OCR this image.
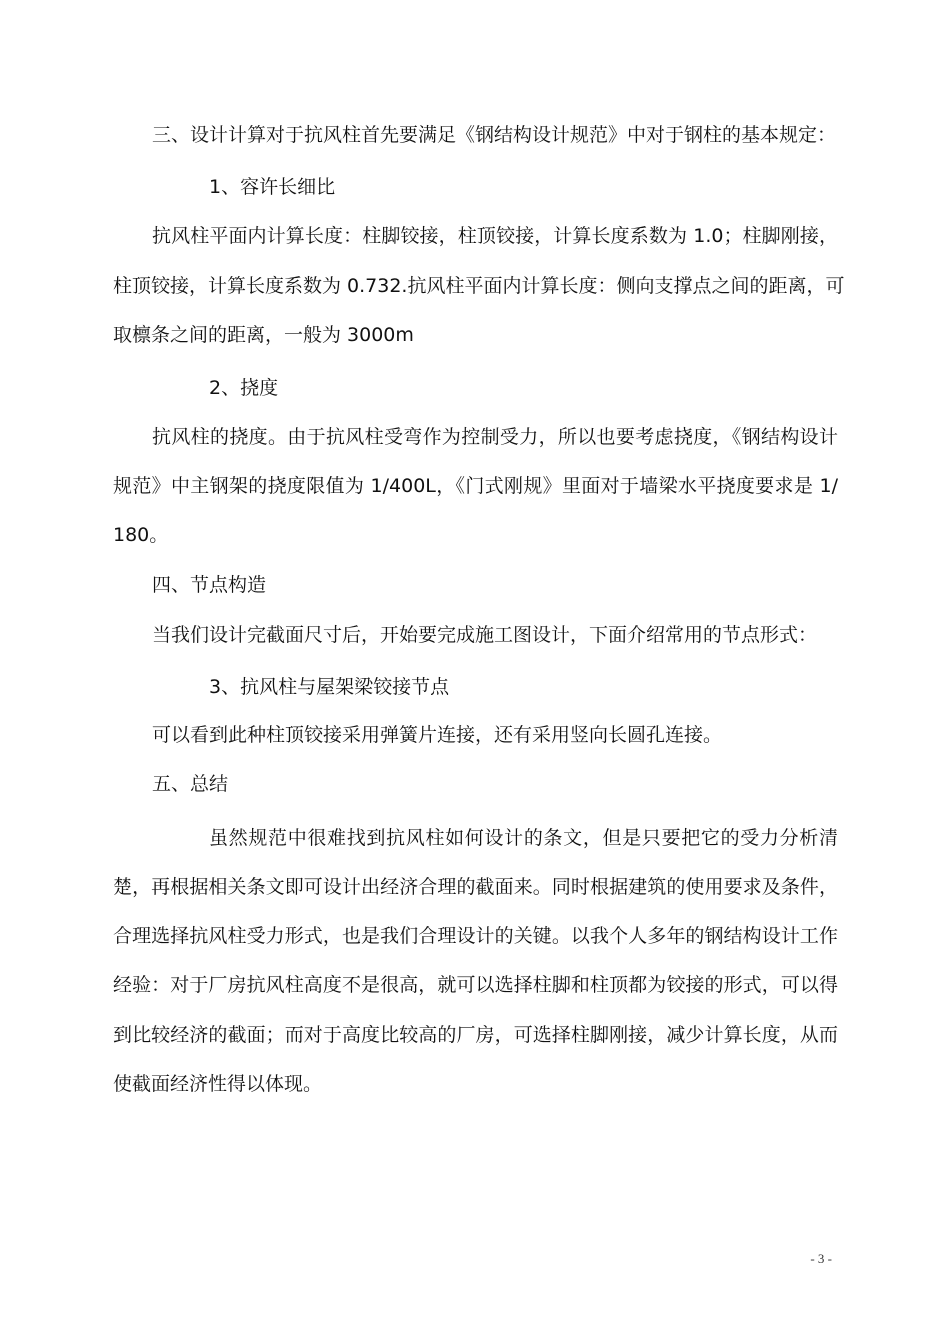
三、设计计算对于抗风柱首先要满足《钢结构设计规范》中对于钢柱的基本规定：
1、容许长细比
抗风柱平面内计算长度：柱脚铰接，柱顶铰接，计算长度系数为 1.0；柱脚刚接，
柱顶铰接，计算长度系数为 0.732.抗风柱平面内计算长度：侧向支撑点之间的距离，可
取檩条之间的距离，一般为 3000m
2、挠度
抗风柱的挠度。由于抗风柱受弯作为控制受力，所以也要考虑挠度，《钢结构设计
规范》中主钢架的挠度限值为 1/400L，《门式刚规》里面对于墙梁水平挠度要求是 1/
180。
四、节点构造
当我们设计完截面尺寸后，开始要完成施工图设计，下面介绍常用的节点形式：
3、抗风柱与屋架梁铰接节点
可以看到此种柱顶铰接采用弹簧片连接，还有采用竖向长圆孔连接。
五、总结
虽然规范中很难找到抗风柱如何设计的条文，但是只要把它的受力分析清
楚，再根据相关条文即可设计出经济合理的截面来。同时根据建筑的使用要求及条件，
合理选择抗风柱受力形式，也是我们合理设计的关键。以我个人多年的钢结构设计工作
经验：对于厂房抗风柱高度不是很高，就可以选择柱脚和柱顶都为铰接的形式，可以得
到比较经济的截面；而对于高度比较高的厂房，可选择柱脚刚接，减少计算长度，从而
使截面经济性得以体现。
- 3 -
